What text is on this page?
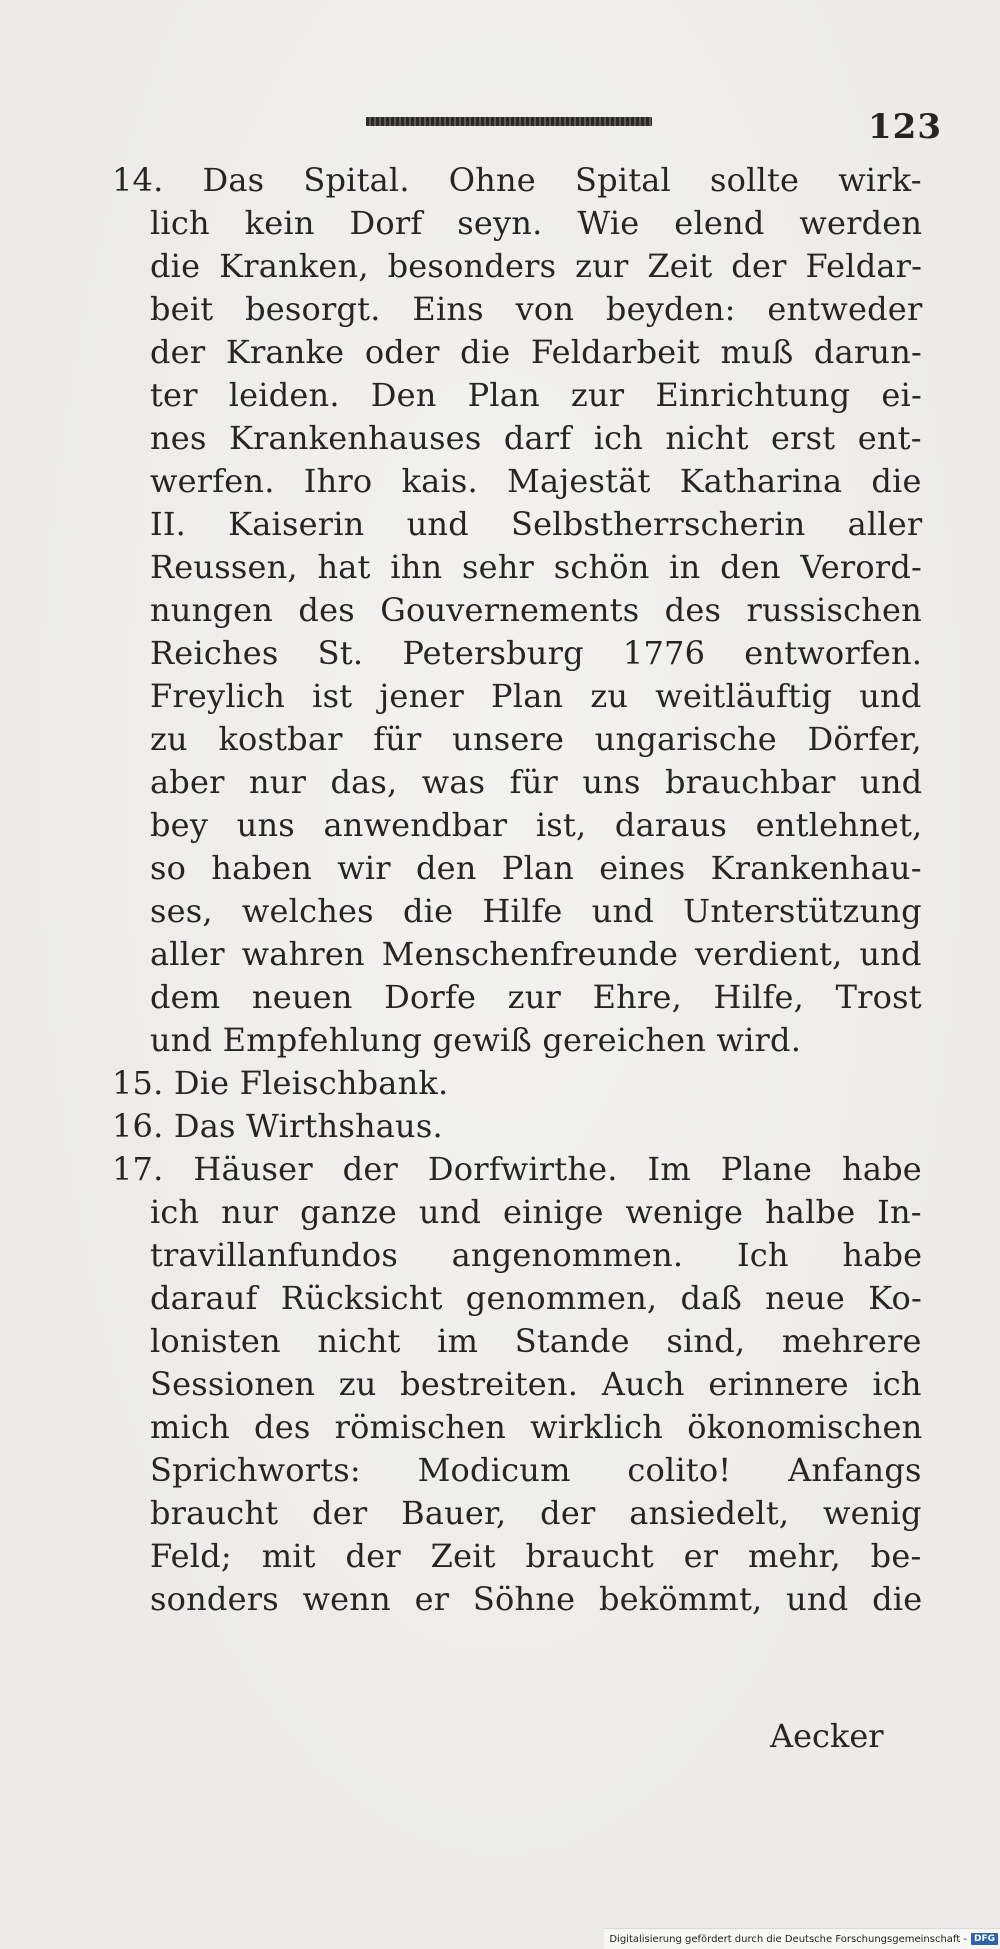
123
14. Das Spital. Ohne Spital sollte wirk-
lich kein Dorf seyn. Wie elend werden
die Kranken, besonders zur Zeit der Feldar-
beit besorgt. Eins von beyden: entweder
der Kranke oder die Feldarbeit muß darun-
ter leiden. Den Plan zur Einrichtung ei-
nes Krankenhauses darf ich nicht erst ent-
werfen. Ihro kais. Majestät Katharina die
II. Kaiserin und Selbstherrscherin aller
Reussen, hat ihn sehr schön in den Verord-
nungen des Gouvernements des russischen
Reiches St. Petersburg 1776 entworfen.
Freylich ist jener Plan zu weitläuftig und
zu kostbar für unsere ungarische Dörfer,
aber nur das, was für uns brauchbar und
bey uns anwendbar ist, daraus entlehnet,
so haben wir den Plan eines Krankenhau-
ses, welches die Hilfe und Unterstützung
aller wahren Menschenfreunde verdient, und
dem neuen Dorfe zur Ehre, Hilfe, Trost
und Empfehlung gewiß gereichen wird.
15. Die Fleischbank.
16. Das Wirthshaus.
17. Häuser der Dorfwirthe. Im Plane habe
ich nur ganze und einige wenige halbe In-
travillanfundos angenommen. Ich habe
darauf Rücksicht genommen, daß neue Ko-
lonisten nicht im Stande sind, mehrere
Sessionen zu bestreiten. Auch erinnere ich
mich des römischen wirklich ökonomischen
Sprichworts: Modicum colito! Anfangs
braucht der Bauer, der ansiedelt, wenig
Feld; mit der Zeit braucht er mehr, be-
sonders wenn er Söhne bekömmt, und die
Aecker
Digitalisierung gefördert durch die Deutsche Forschungsgemeinschaft - DFG
